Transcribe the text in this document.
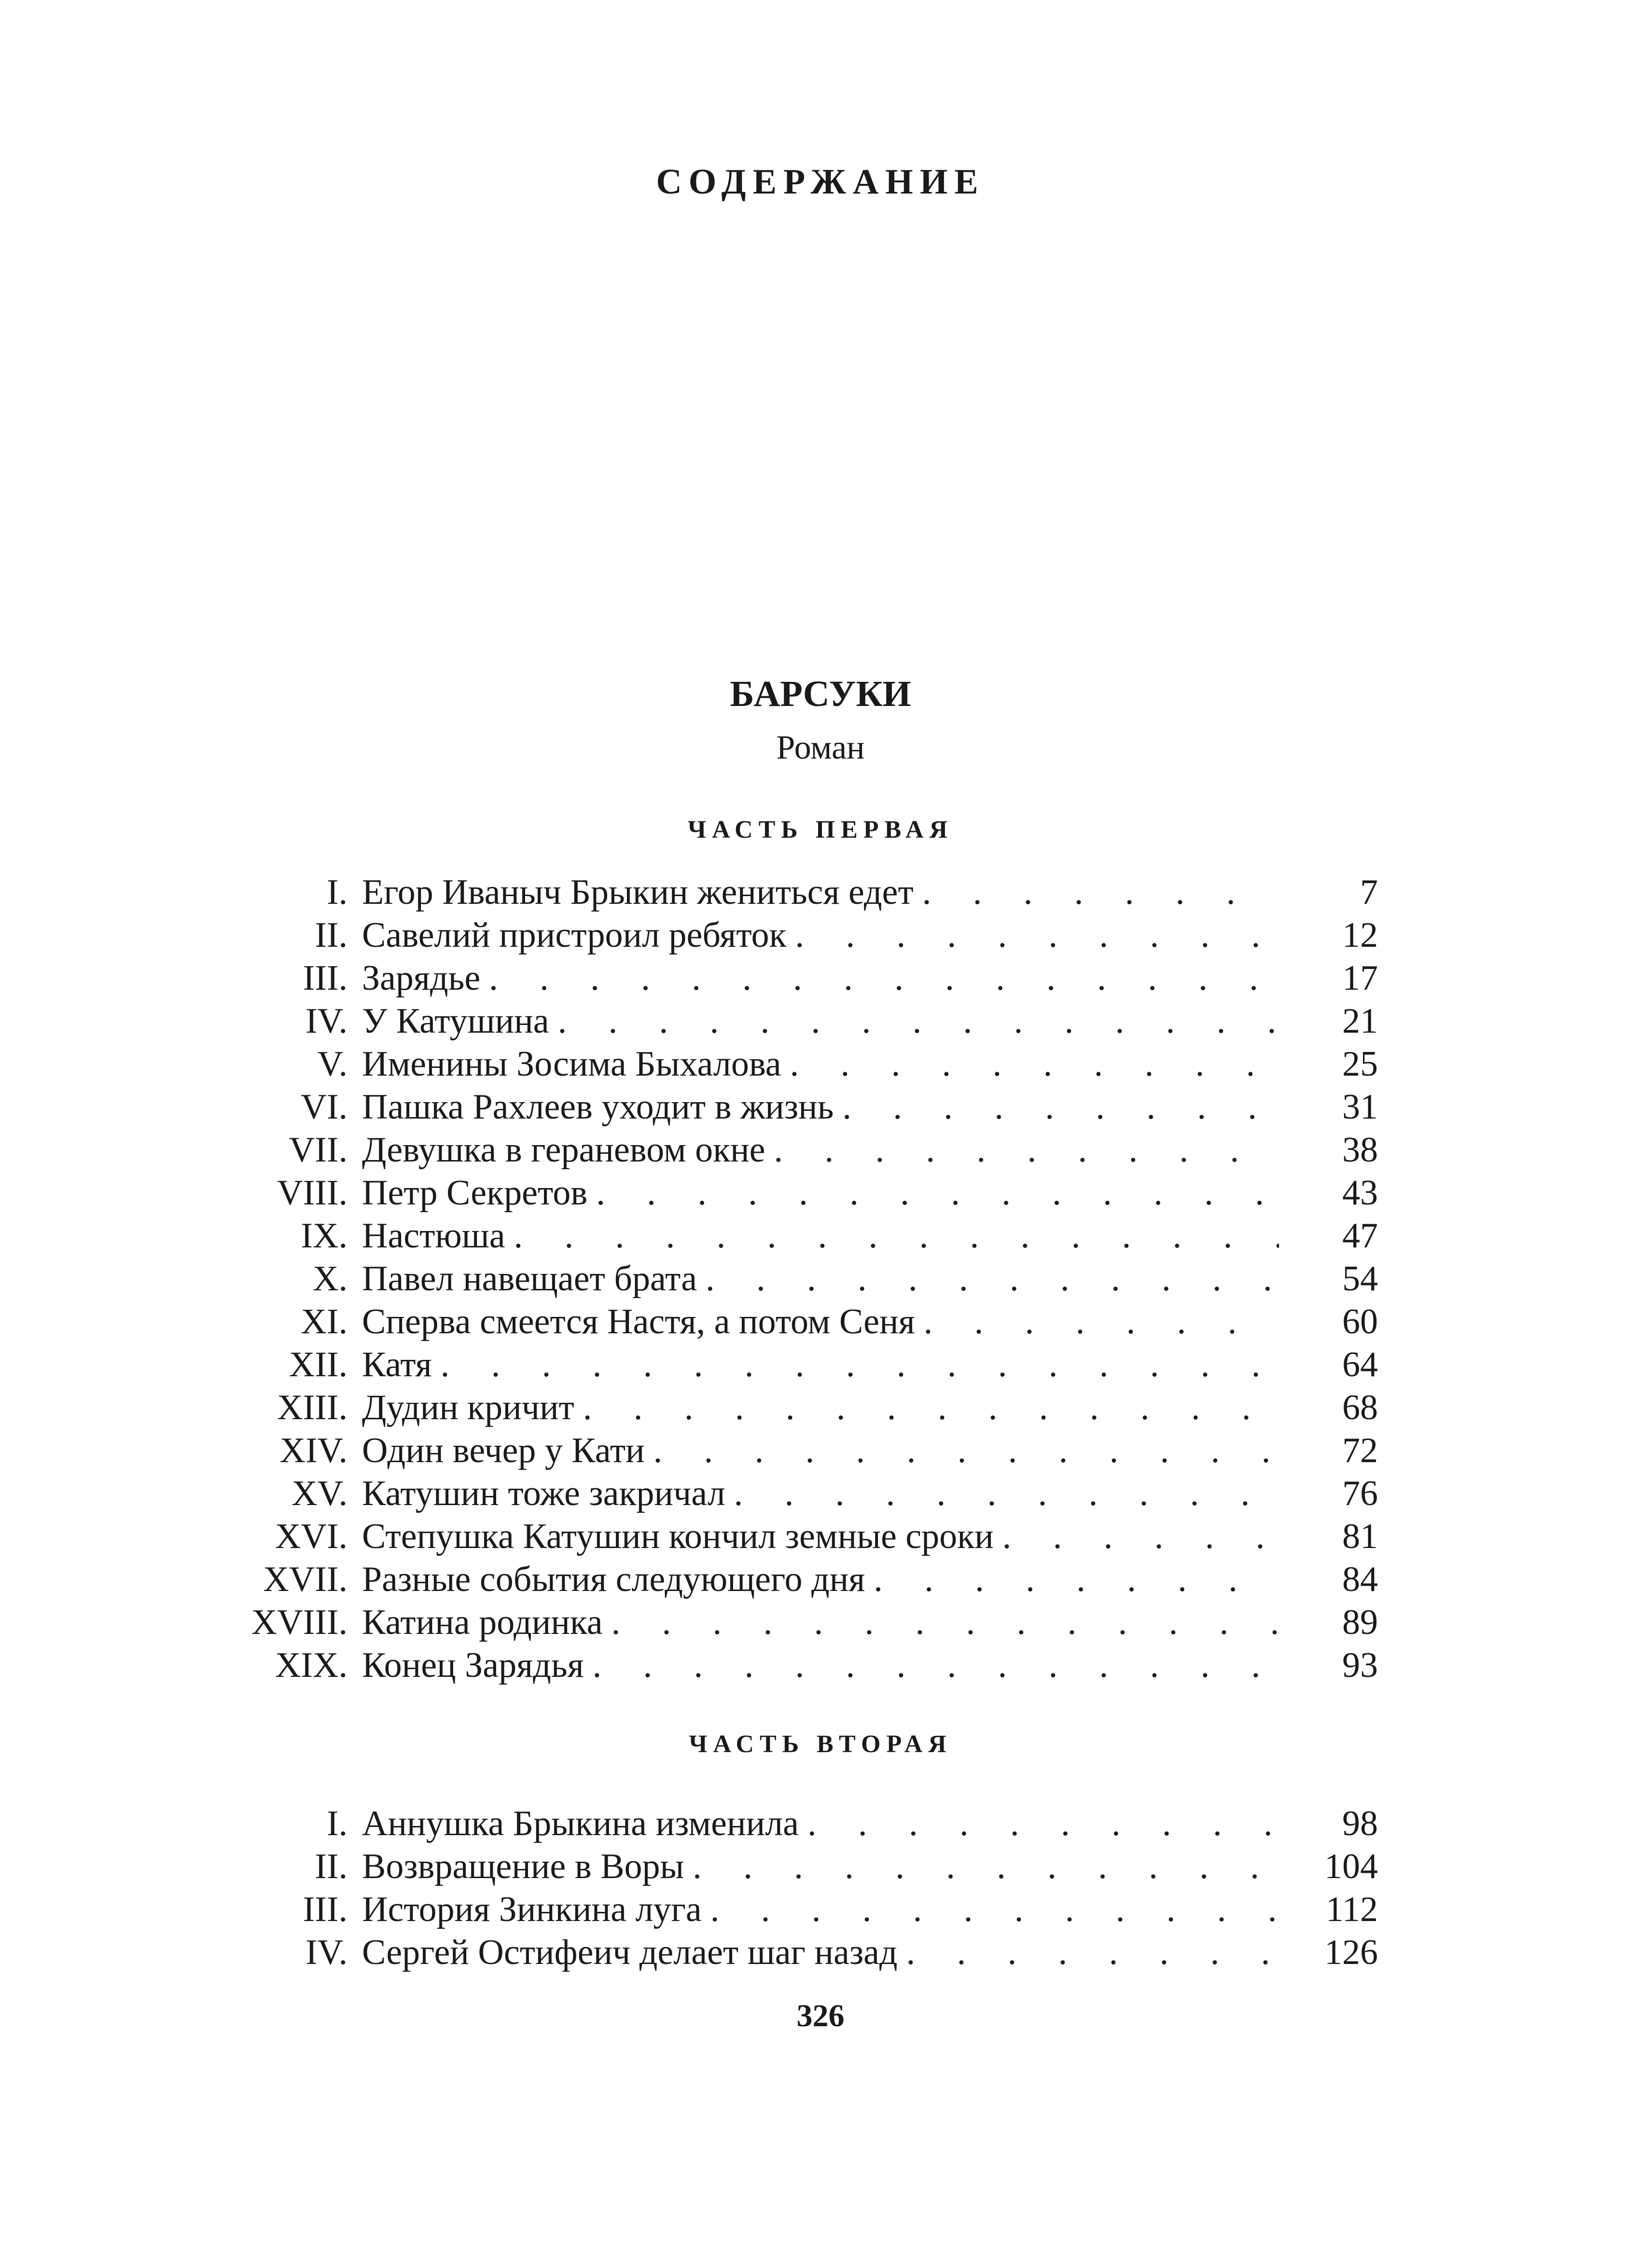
СОДЕРЖАНИЕ
БАРСУКИ
Роман
ЧАСТЬ ПЕРВАЯ
I. Егор Иваныч Брыкин жениться едет . . .	7
II. Савелий пристроил ребяток . . .	12
III. Зарядье . . .	17
IV. У Катушина . . .	21
V. Именины Зосима Быхалова . . .	25
VI. Пашка Рахлеев уходит в жизнь . . .	31
VII. Девушка в гераневом окне . . .	38
VIII. Петр Секретов . . .	43
IX. Настюша . . .	47
X. Павел навещает брата . . .	54
XI. Сперва смеется Настя, а потом Сеня . . .	60
XII. Катя . . .	64
XIII. Дудин кричит . . .	68
XIV. Один вечер у Кати . . .	72
XV. Катушин тоже закричал . . .	76
XVI. Степушка Катушин кончил земные сроки . . .	81
XVII. Разные события следующего дня . . .	84
XVIII. Катина родинка . . .	89
XIX. Конец Зарядья . . .	93
ЧАСТЬ ВТОРАЯ
I. Аннушка Брыкина изменила . . .	98
II. Возвращение в Воры . . .	104
III. История Зинкина луга . . .	112
IV. Сергей Остифеич делает шаг назад . . .	126
326
